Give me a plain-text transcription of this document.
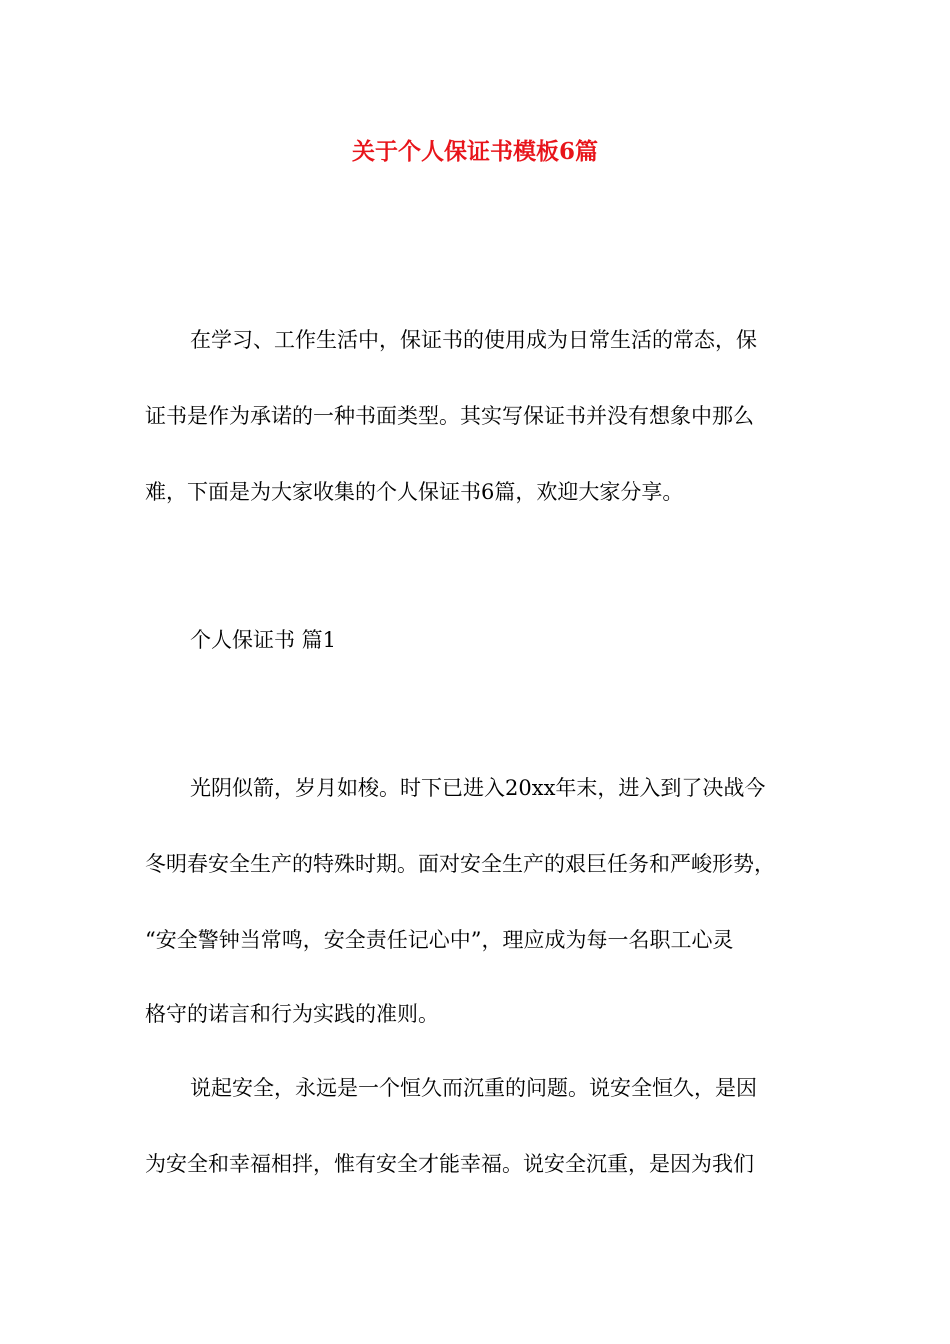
关于个人保证书模板6篇
在学习、工作生活中，保证书的使用成为日常生活的常态，保
证书是作为承诺的一种书面类型。其实写保证书并没有想象中那么
难，下面是为大家收集的个人保证书6篇，欢迎大家分享。
个人保证书 篇1
光阴似箭，岁月如梭。时下已进入20xx年末，进入到了决战今
冬明春安全生产的特殊时期。面对安全生产的艰巨任务和严峻形势，
“安全警钟当常鸣，安全责任记心中”，理应成为每一名职工心灵
格守的诺言和行为实践的准则。
说起安全，永远是一个恒久而沉重的问题。说安全恒久，是因
为安全和幸福相拌，惟有安全才能幸福。说安全沉重，是因为我们
